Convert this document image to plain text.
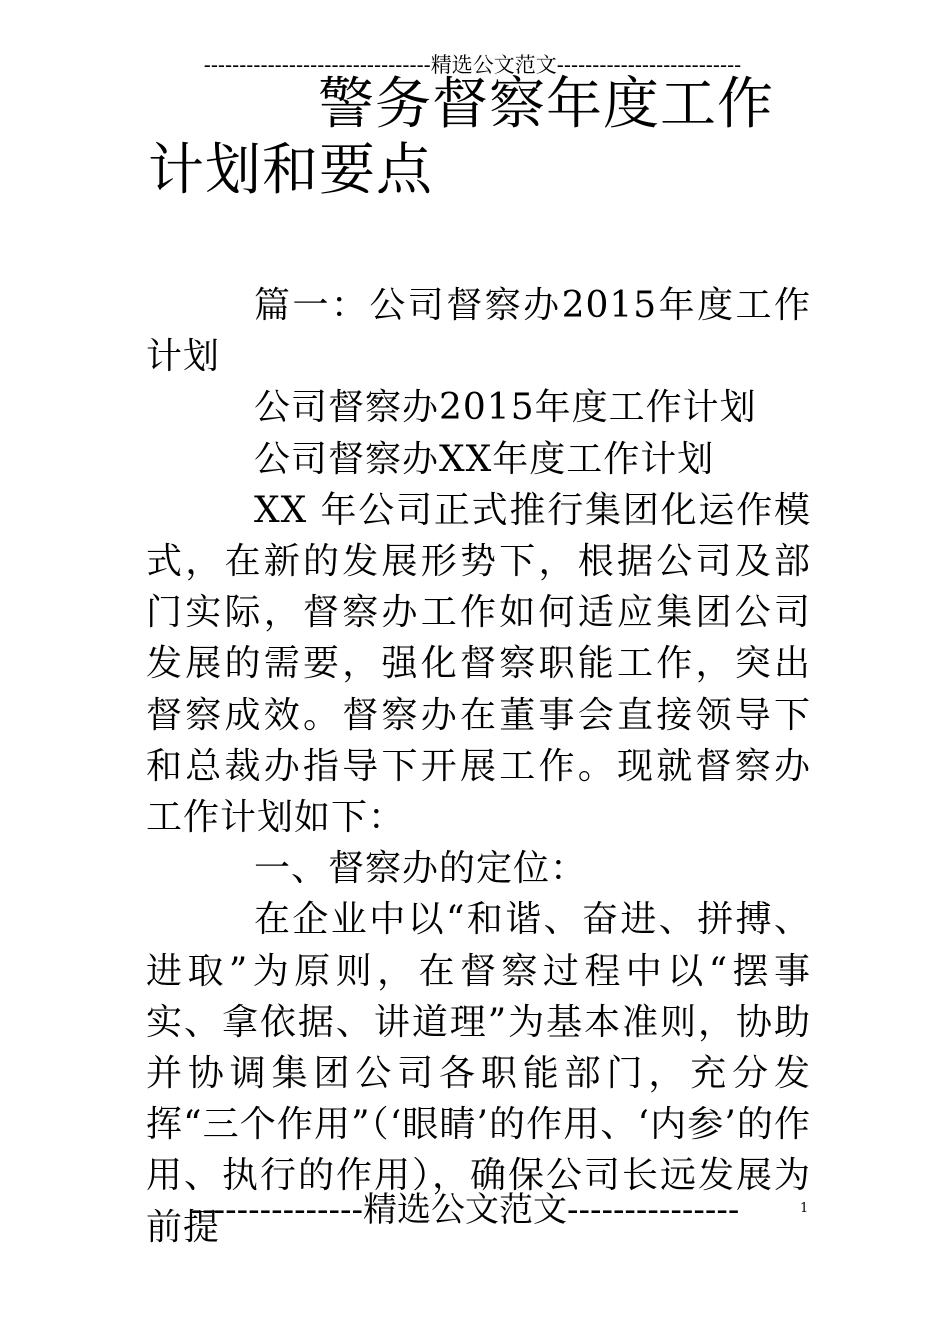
--------------------------------精选公文范文--------------------------
警务督察年度工作
计划和要点

篇一：公司督察办2015年度工作计划

公司督察办2015年度工作计划

公司督察办XX年度工作计划

XX 年公司正式推行集团化运作模式，在新的发展形势下，根据公司及部门实际，督察办工作如何适应集团公司发展的需要，强化督察职能工作，突出督察成效。督察办在董事会直接领导下和总裁办指导下开展工作。现就督察办工作计划如下：

一、督察办的定位：

在企业中以“和谐、奋进、拼搏、进取”为原则，在督察过程中以“摆事实、拿依据、讲道理”为基本准则，协助并协调集团公司各职能部门，充分发挥“三个作用”（‘眼睛’的作用、‘内参’的作用、执行的作用），确保公司长远发展为前提

---------------精选公文范文---------------	1
